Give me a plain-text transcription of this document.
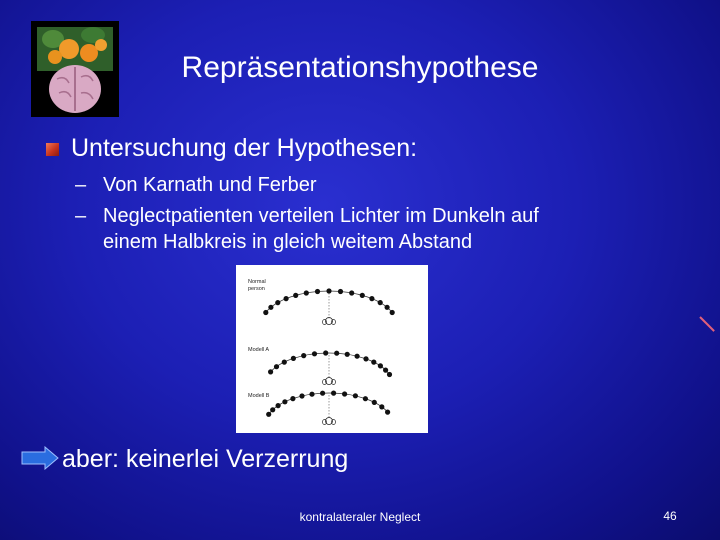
Repräsentationshypothese
Untersuchung der Hypothesen:
– Von Karnath und Ferber
– Neglectpatienten verteilen Lichter im Dunkeln auf
einem Halbkreis in gleich weitem Abstand
Normal
person
Modell A
Modell B
aber: keinerlei Verzerrung
kontralateraler Neglect	46
